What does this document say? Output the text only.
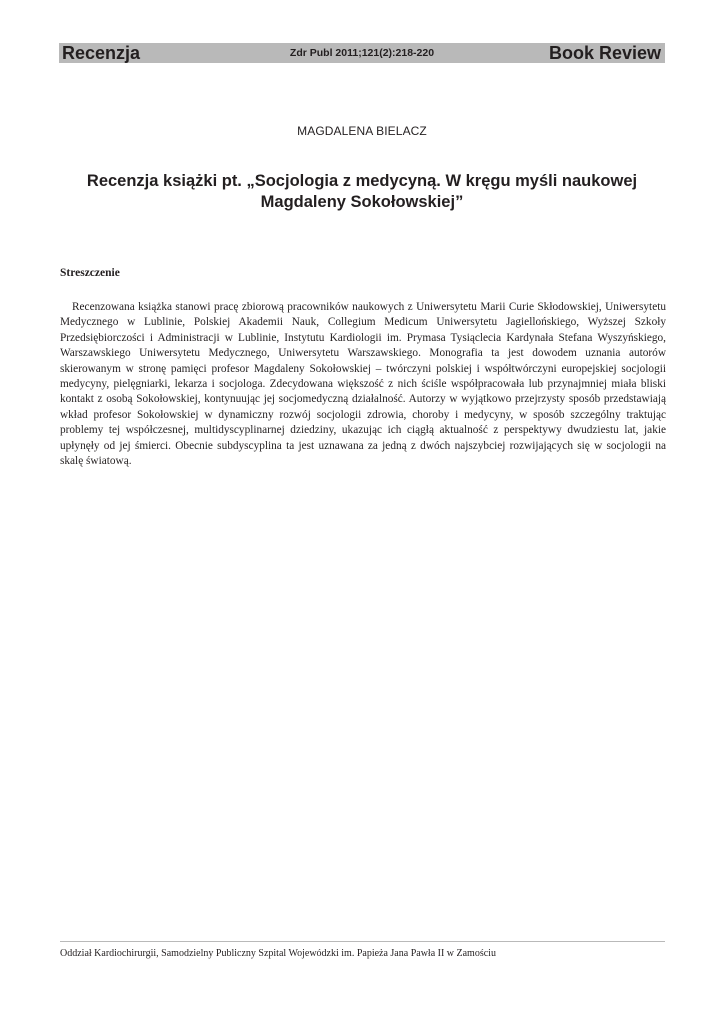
Recenzja	Zdr Publ 2011;121(2):218-220	Book Review
MAGDALENA BIELACZ
Recenzja książki pt. „Socjologia z medycyną. W kręgu myśli naukowej Magdaleny Sokołowskiej”
Streszczenie

Recenzowana książka stanowi pracę zbiorową pracowników naukowych z Uniwersytetu Marii Curie Skłodowskiej, Uniwersytetu Medycznego w Lublinie, Polskiej Akademii Nauk, Collegium Medicum Uniwersytetu Jagiellońskiego, Wyższej Szkoły Przedsiębiorczości i Administracji w Lublinie, Instytutu Kardiologii im. Prymasa Tysiąclecia Kardynała Stefana Wyszyńskiego, Warszawskiego Uniwersytetu Medycznego, Uniwersytetu Warszawskiego. Monografia ta jest dowodem uznania autorów skierowanym w stronę pamięci profesor Magdaleny Sokołowskiej – twórczyni polskiej i współtwórczyni europejskiej socjologii medycyny, pielęgniarki, lekarza i socjologa. Zdecydowana większość z nich ściśle współpracowała lub przynajmniej miała bliski kontakt z osobą Sokołowskiej, kontynuując jej socjomedyczną działalność. Autorzy w wyjątkowo przejrzysty sposób przedstawiają wkład profesor Sokołowskiej w dynamiczny rozwój socjologii zdrowia, choroby i medycyny, w sposób szczególny traktując problemy tej współczesnej, multidyscyplinarnej dziedziny, ukazując ich ciągłą aktualność z perspektywy dwudziestu lat, jakie upłynęły od jej śmierci. Obecnie subdyscyplina ta jest uznawana za jedną z dwóch najszybciej rozwijających się w socjologii na skalę światową.

Oddział Kardiochirurgii, Samodzielny Publiczny Szpital Wojewódzki im. Papieża Jana Pawła II w Zamościu
